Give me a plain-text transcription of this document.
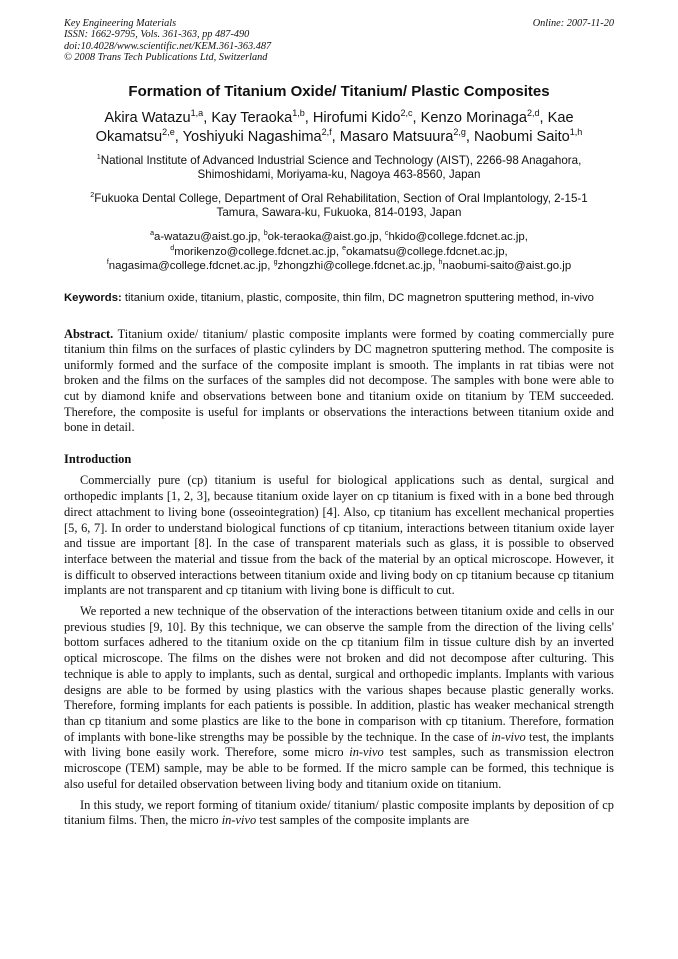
Key Engineering Materials
ISSN: 1662-9795, Vols. 361-363, pp 487-490
doi:10.4028/www.scientific.net/KEM.361-363.487
© 2008 Trans Tech Publications Ltd, Switzerland
Online: 2007-11-20
Formation of Titanium Oxide/ Titanium/ Plastic Composites
Akira Watazu$^{1,a}$, Kay Teraoka$^{1,b}$, Hirofumi Kido$^{2,c}$, Kenzo Morinaga$^{2,d}$, Kae Okamatsu$^{2,e}$, Yoshiyuki Nagashima$^{2,f}$, Masaro Matsuura$^{2,g}$, Naobumi Saito$^{1,h}$
$^1$National Institute of Advanced Industrial Science and Technology (AIST), 2266-98 Anagahora,
Shimoshidami, Moriyama-ku, Nagoya 463-8560, Japan
$^2$Fukuoka Dental College, Department of Oral Rehabilitation, Section of Oral Implantology, 2-15-1
Tamura, Sawara-ku, Fukuoka, 814-0193, Japan
$^a$a-watazu@aist.go.jp, $^b$ok-teraoka@aist.go.jp, $^c$hkido@college.fdcnet.ac.jp,
$^d$morikenzo@college.fdcnet.ac.jp, $^e$okamatsu@college.fdcnet.ac.jp,
$^f$nagasima@college.fdcnet.ac.jp, $^g$zhongzhi@college.fdcnet.ac.jp, $^h$naobumi-saito@aist.go.jp
Keywords: titanium oxide, titanium, plastic, composite, thin film, DC magnetron sputtering method, in-vivo
Abstract. Titanium oxide/ titanium/ plastic composite implants were formed by coating commercially pure titanium thin films on the surfaces of plastic cylinders by DC magnetron sputtering method. The composite is uniformly formed and the surface of the composite implant is smooth. The implants in rat tibias were not broken and the films on the surfaces of the samples did not decompose. The samples with bone were able to cut by diamond knife and observations between bone and titanium oxide on titanium by TEM succeeded. Therefore, the composite is useful for implants or observations the interactions between titanium oxide and bone in detail.
Introduction

Commercially pure (cp) titanium is useful for biological applications such as dental, surgical and orthopedic implants [1, 2, 3], because titanium oxide layer on cp titanium is fixed with in a bone bed through direct attachment to living bone (osseointegration) [4]. Also, cp titanium has excellent mechanical properties [5, 6, 7]. In order to understand biological functions of cp titanium, interactions between titanium oxide layer and tissue are important [8]. In the case of transparent materials such as glass, it is possible to observed interface between the material and tissue from the back of the material by an optical microscope. However, it is difficult to observed interactions between titanium oxide and living body on cp titanium because cp titanium implants are not transparent and cp titanium with living bone is difficult to cut.

We reported a new technique of the observation of the interactions between titanium oxide and cells in our previous studies [9, 10]. By this technique, we can observe the sample from the direction of the living cells' bottom surfaces adhered to the titanium oxide on the cp titanium film in tissue culture dish by an inverted optical microscope. The films on the dishes were not broken and did not decompose after culturing. This technique is able to apply to implants, such as dental, surgical and orthopedic implants. Implants with various designs are able to be formed by using plastics with the various shapes because plastic generally works. Therefore, forming implants for each patients is possible. In addition, plastic has weaker mechanical strength than cp titanium and some plastics are like to the bone in comparison with cp titanium. Therefore, formation of implants with bone-like strengths may be possible by the technique. In the case of in-vivo test, the implants with living bone easily work. Therefore, some micro in-vivo test samples, such as transmission electron microscope (TEM) sample, may be able to be formed. If the micro sample can be formed, this technique is also useful for detailed observation between living body and titanium oxide on titanium.

In this study, we report forming of titanium oxide/ titanium/ plastic composite implants by deposition of cp titanium films. Then, the micro in-vivo test samples of the composite implants are
